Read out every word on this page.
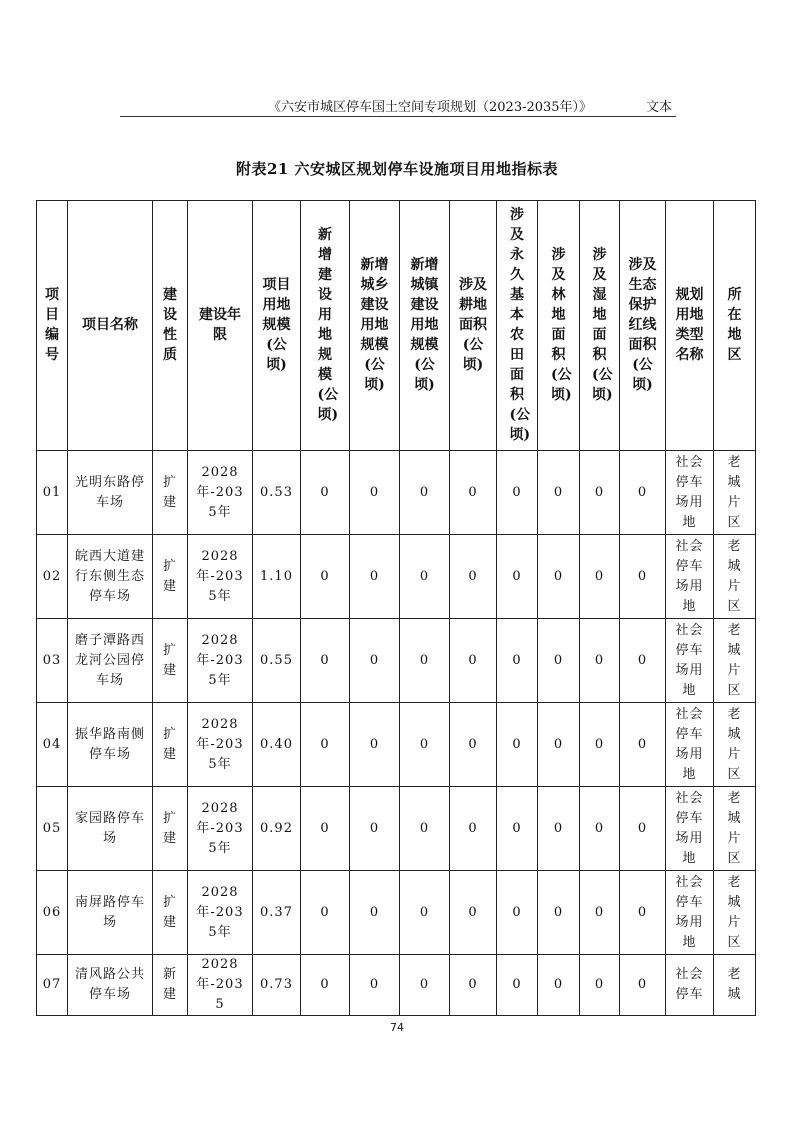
《六安市城区停车国土空间专项规划（2023-2035年）》	文本
附表21 六安城区规划停车设施项目用地指标表
项目编号	项目名称	建设性质	建设年限	项目用地规模(公顷)	新增建设用地规模(公顷)	新增城乡建设用地规模(公顷)	新增城镇建设用地规模(公顷)	涉及耕地面积(公顷)	涉及永久基本农田面积(公顷)	涉及林地面积(公顷)	涉及湿地面积(公顷)	涉及生态保护红线面积(公顷)	规划用地类型名称	所在地区
01	光明东路停车场	扩建	2028年-2035年	0.53	0	0	0	0	0	0	0	0	社会停车场用地	老城片区
02	皖西大道建行东侧生态停车场	扩建	2028年-2035年	1.10	0	0	0	0	0	0	0	0	社会停车场用地	老城片区
03	磨子潭路西龙河公园停车场	扩建	2028年-2035年	0.55	0	0	0	0	0	0	0	0	社会停车场用地	老城片区
04	振华路南侧停车场	扩建	2028年-2035年	0.40	0	0	0	0	0	0	0	0	社会停车场用地	老城片区
05	家园路停车场	扩建	2028年-2035年	0.92	0	0	0	0	0	0	0	0	社会停车场用地	老城片区
06	南屏路停车场	扩建	2028年-2035年	0.37	0	0	0	0	0	0	0	0	社会停车场用地	老城片区
07	清风路公共停车场	新建	2028年-2035	0.73	0	0	0	0	0	0	0	0	社会停车	老城
74
